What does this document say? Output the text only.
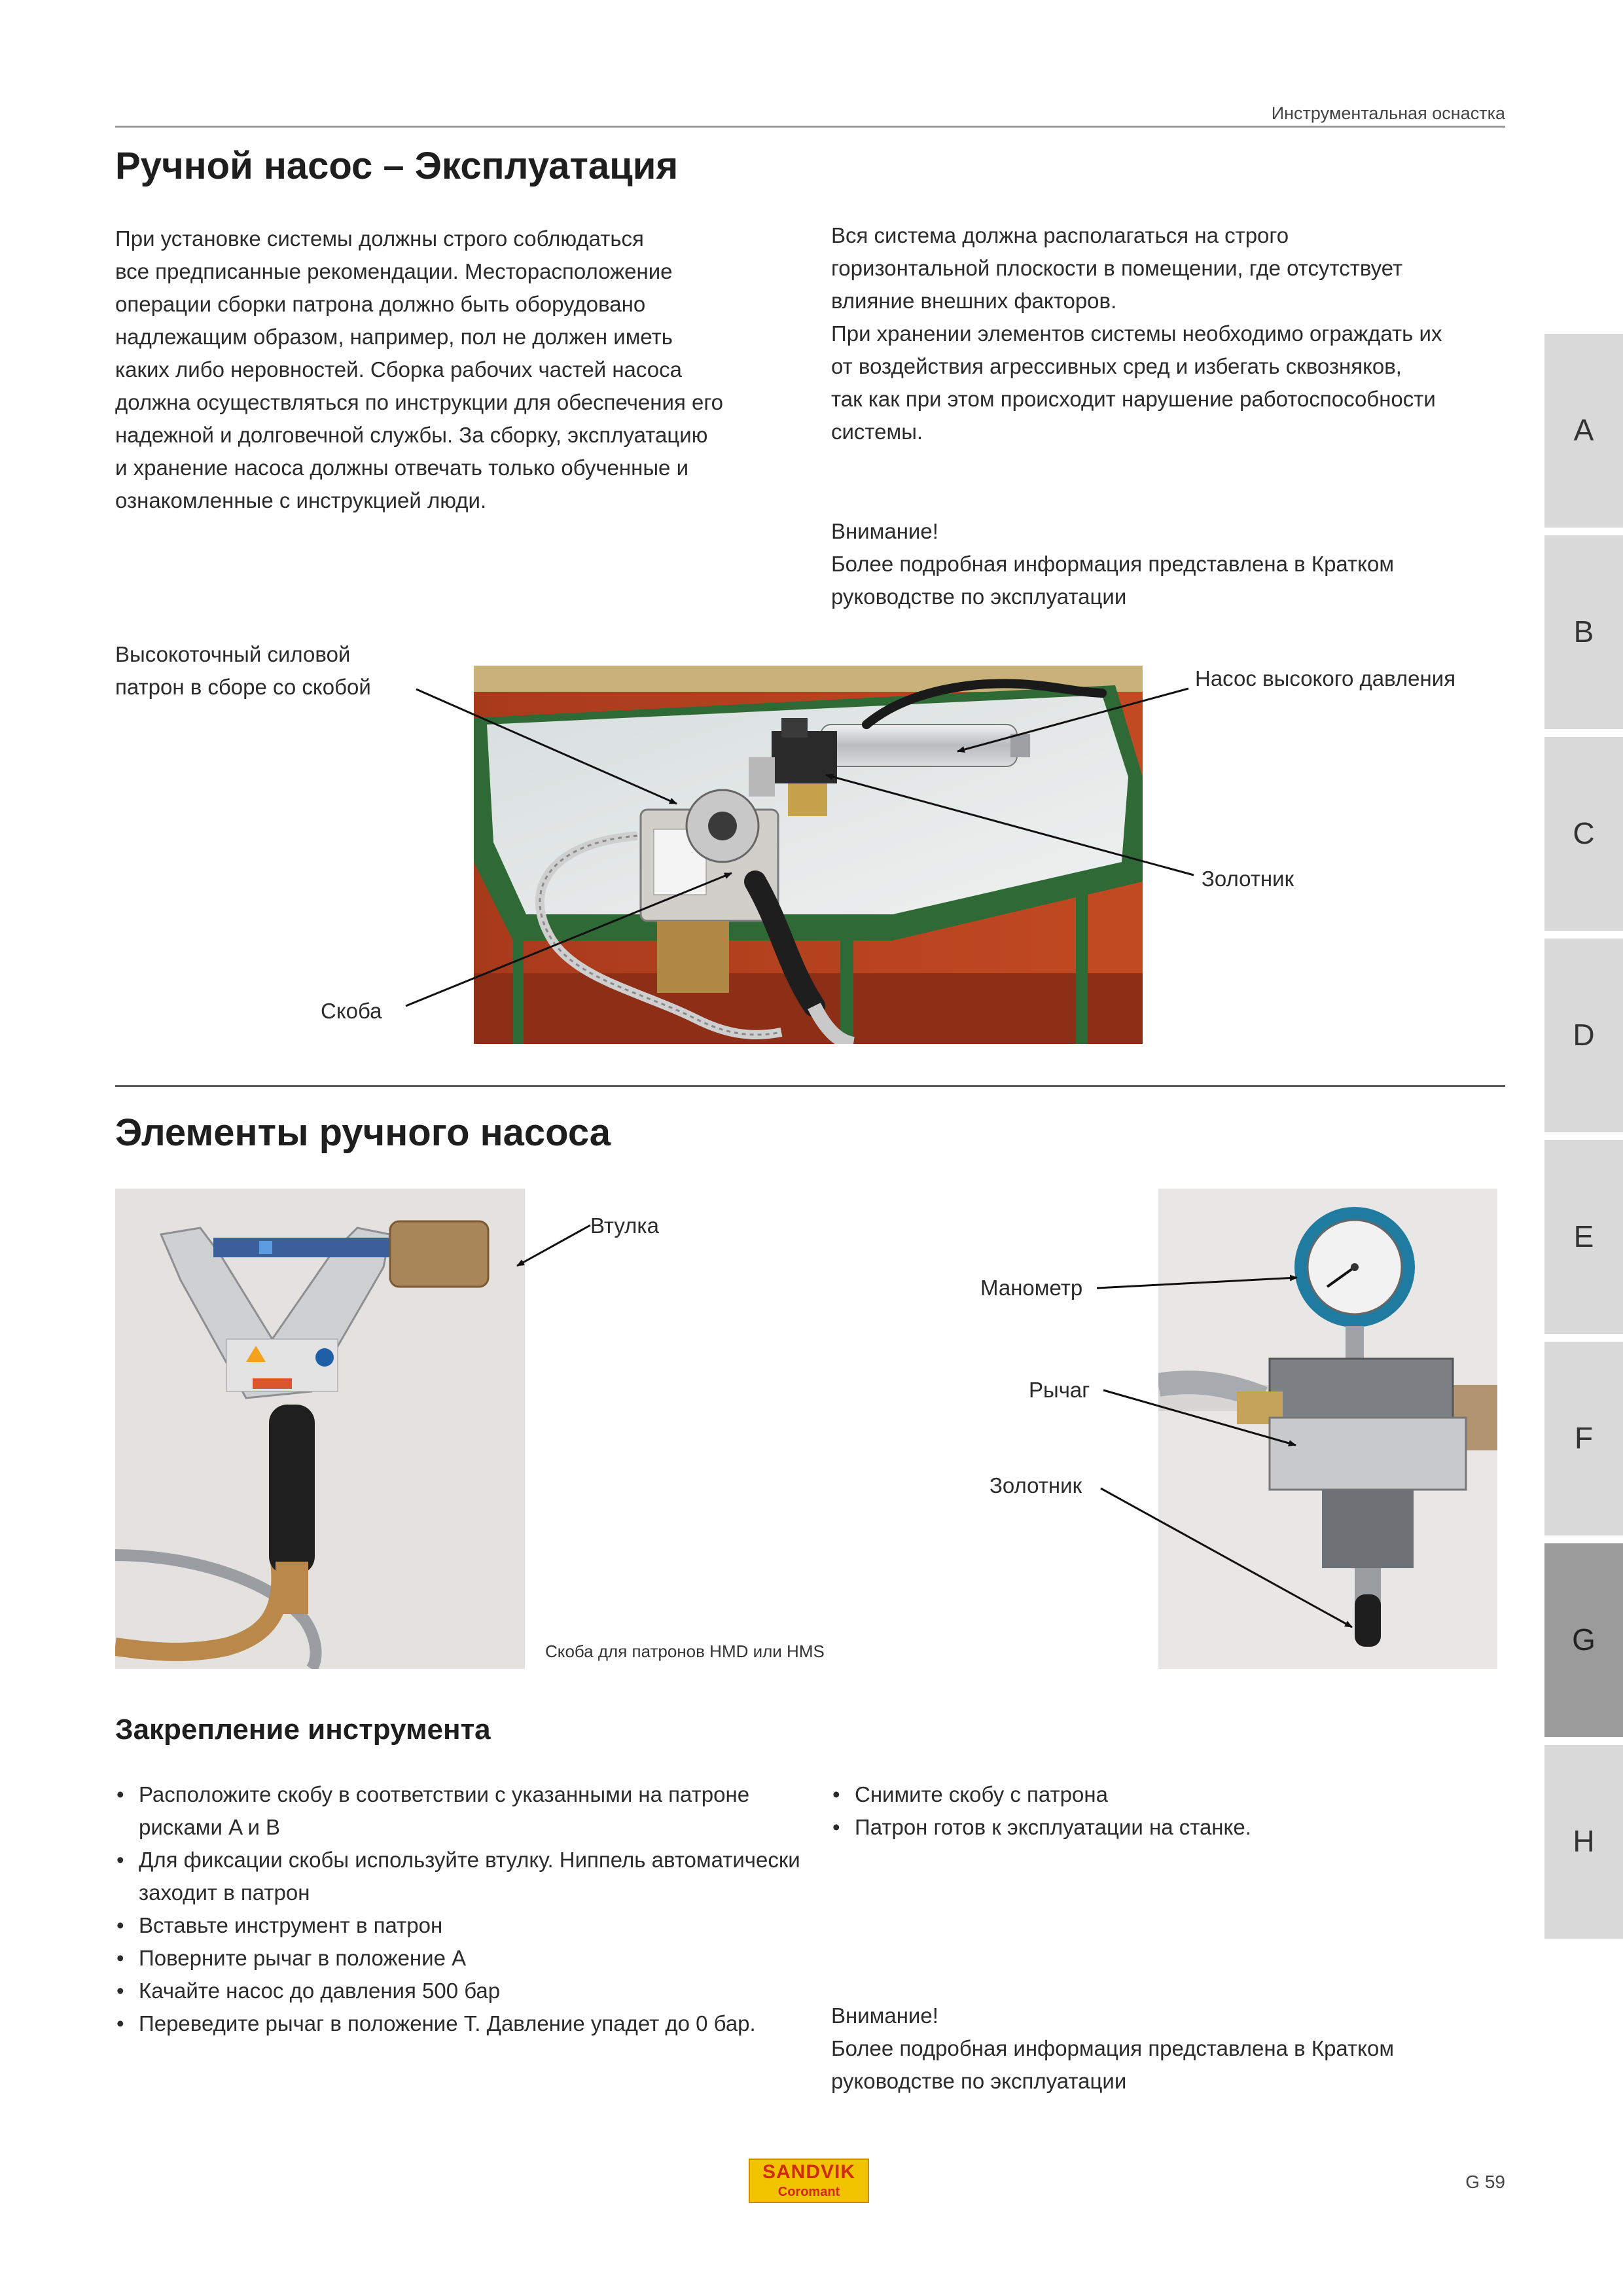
Инструментальная оснастка
Ручной насос – Эксплуатация

При установке системы должны строго соблюдаться

все предписанные рекомендации. Месторасположение

операции сборки патрона должно быть оборудовано

надлежащим образом, например, пол не должен иметь

каких либо неровностей. Сборка рабочих частей насоса

должна осуществляться по инструкции для обеспечения его

надежной и долговечной службы. За сборку, эксплуатацию

и хранение насоса должны отвечать только обученные и

ознакомленные с инструкцией люди.

Вся система должна располагаться на строго

горизонтальной плоскости в помещении, где отсутствует

влияние внешних факторов.

При хранении элементов системы необходимо ограждать их

от воздействия агрессивных сред и избегать сквозняков,

так как при этом происходит нарушение работоспособности

системы.

Внимание!

Более подробная информация представлена в Кратком

руководстве по эксплуатации

Высокоточный силовой
патрон в сборе со скобой	Насос высокого давления
Золотник
Скоба
Элементы ручного насоса
Втулка
Скоба для патронов HMD или HMS
Манометр
Рычаг
Золотник
Закрепление инструмента
• Расположите скобу в соответствии с указанными на патроне рисками A и B
• Для фиксации скобы используйте втулку. Ниппель автоматически заходит в патрон
• Вставьте инструмент в патрон
• Поверните рычаг в положение A
• Качайте насос до давления 500 бар
• Переведите рычаг в положение T. Давление упадет до 0 бар.
• Снимите скобу с патрона
• Патрон готов к эксплуатации на станке.

Внимание!

Более подробная информация представлена в Кратком

руководстве по эксплуатации

A
B
C
D
E
F
G
H
SANDVIK
Coromant	G 59
